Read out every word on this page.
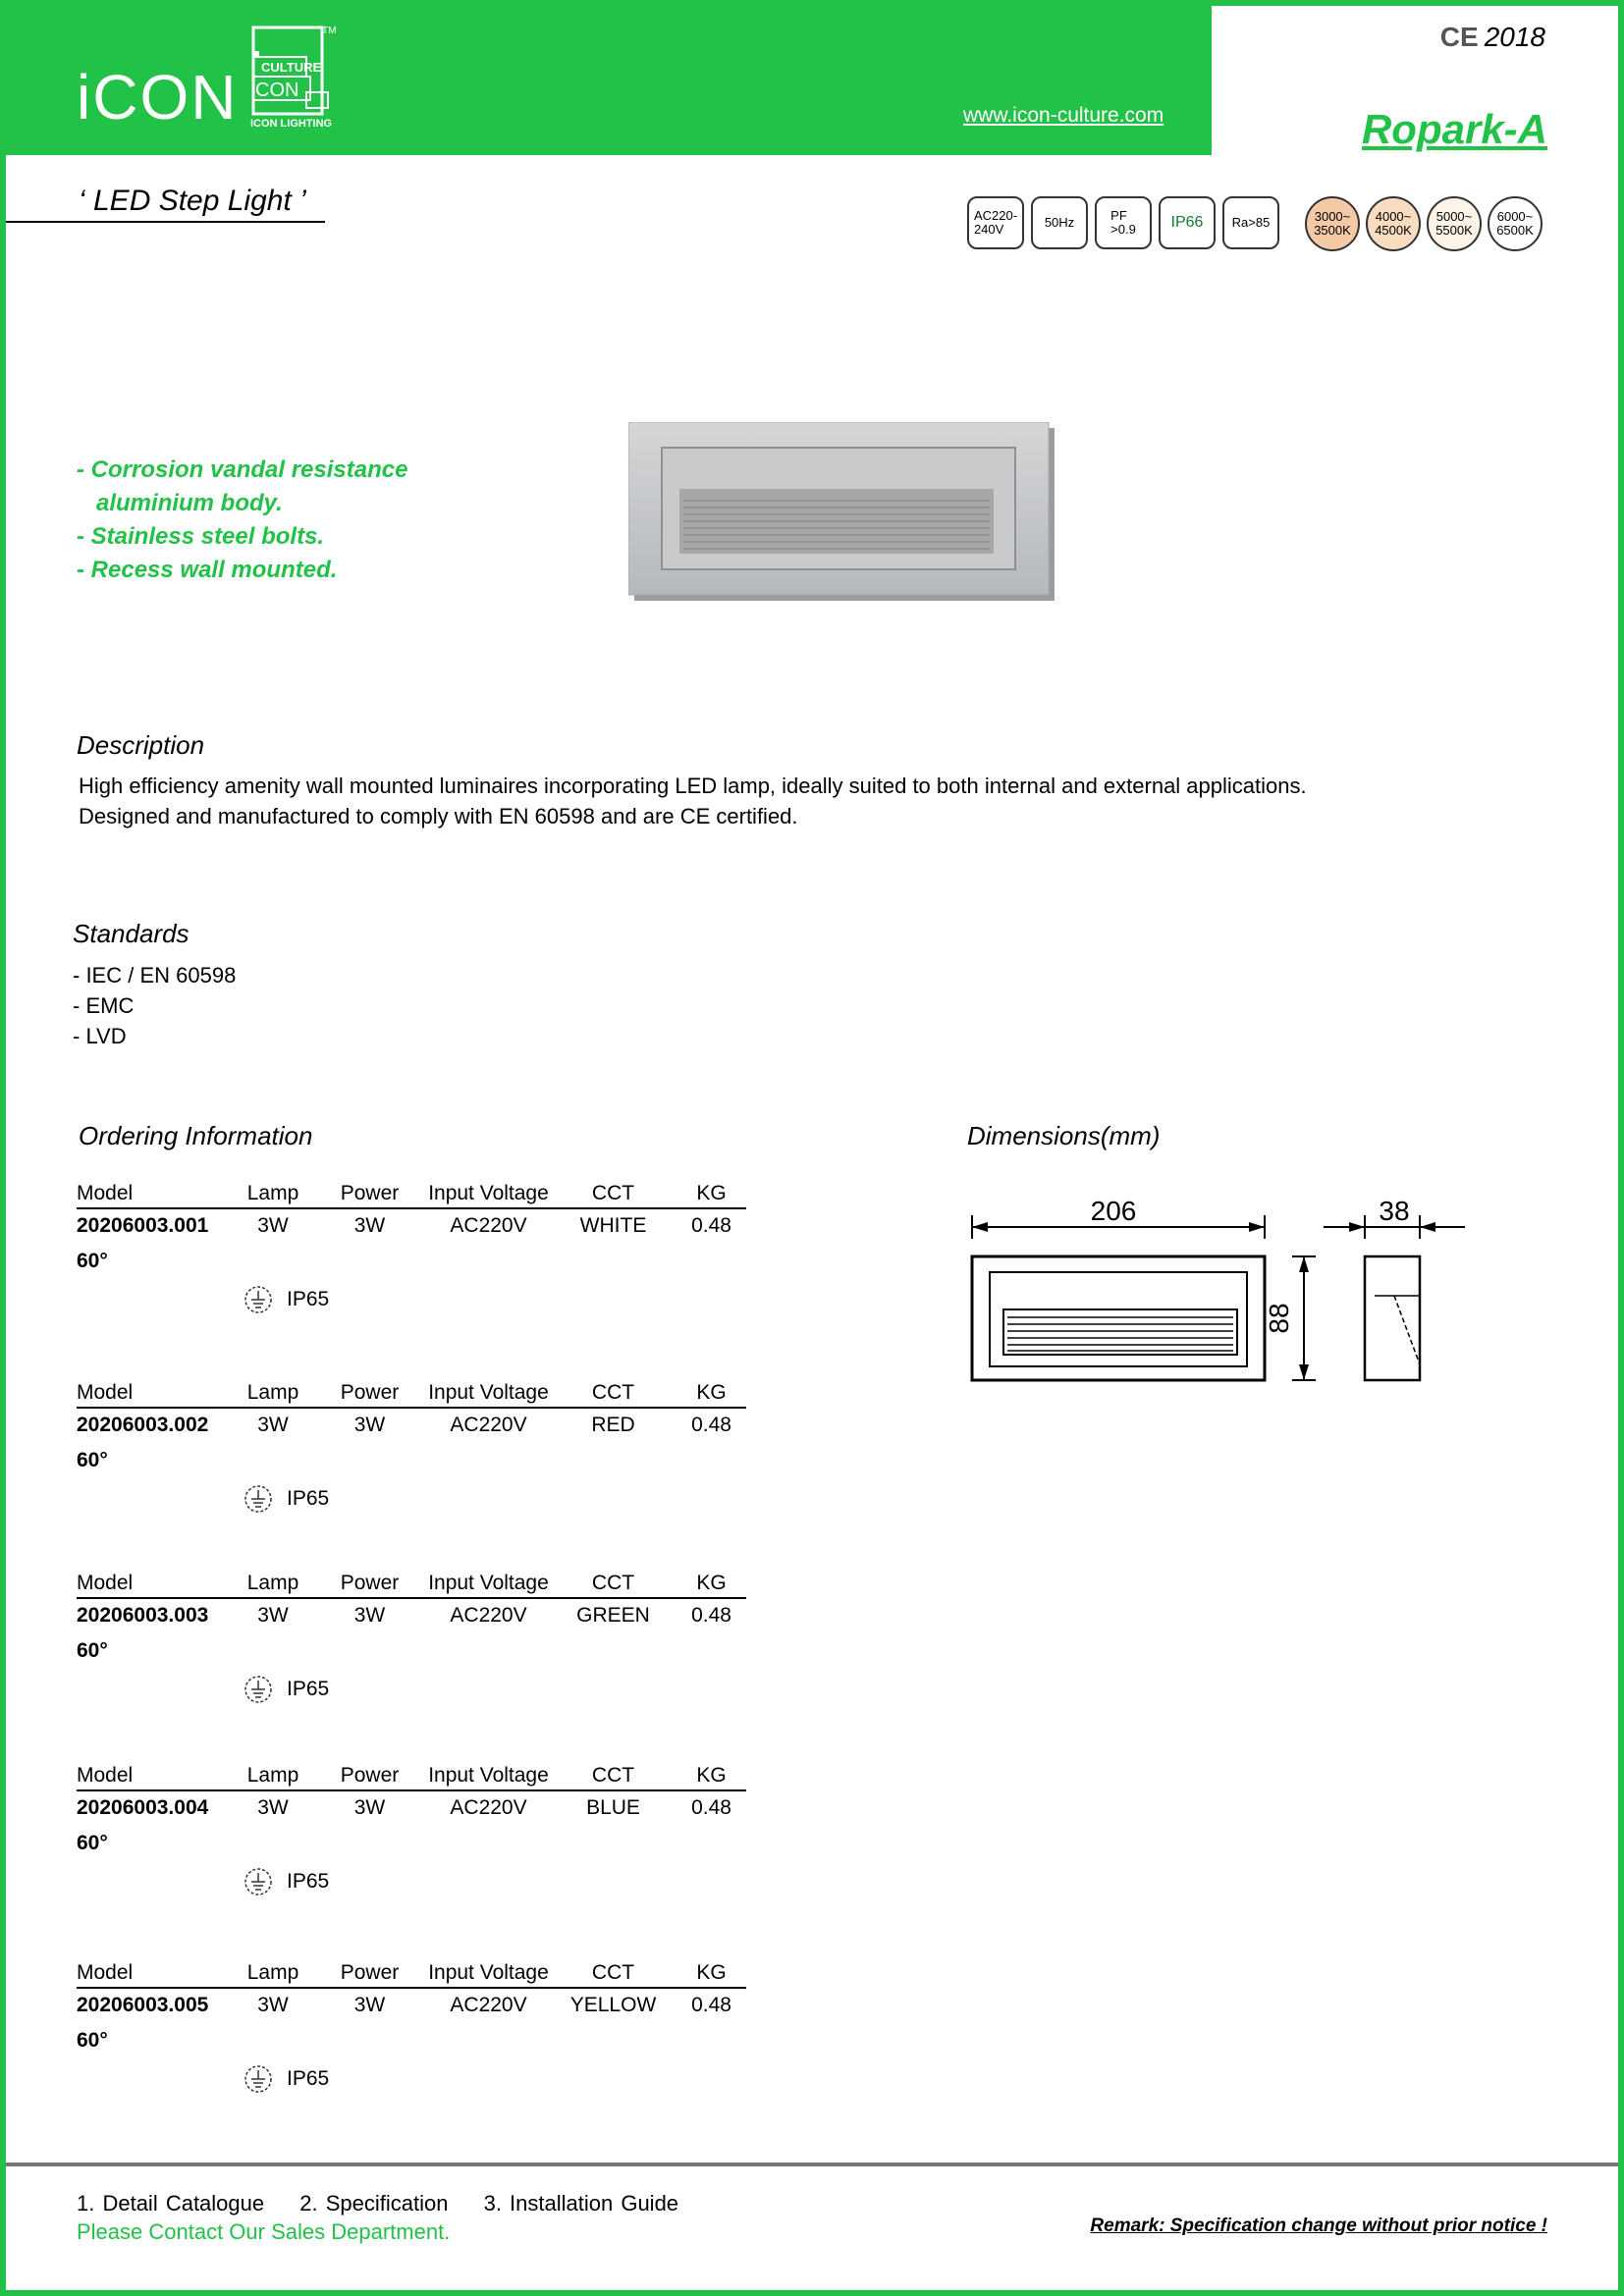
iCON CULTURE
CON
TM
ICON LIGHTING	www.icon-culture.com
CE 2018
Ropark-A
‘ LED Step Light ’	AC220-
240V	50Hz	PF
>0.9	IP66	Ra>85	3000~
3500K
4000~
4500K
5000~
5500K
6000~
6500K
- Corrosion vandal resistance
aluminium body.
- Stainless steel bolts.
- Recess wall mounted.
Description
High efficiency amenity wall mounted luminaires incorporating LED lamp, ideally suited to both internal and external applications.
Designed and manufactured to comply with EN 60598 and are CE certified.
Standards
- IEC / EN 60598
- EMC
- LVD
Ordering Information
Model	Lamp	Power	Input Voltage	CCT	KG
20206003.001	3W	3W	AC220V	WHITE	0.48
60°
IP65
Model	Lamp	Power	Input Voltage	CCT	KG
20206003.002	3W	3W	AC220V	RED	0.48
60°
IP65
Model	Lamp	Power	Input Voltage	CCT	KG
20206003.003	3W	3W	AC220V	GREEN	0.48
60°
IP65
Model	Lamp	Power	Input Voltage	CCT	KG
20206003.004	3W	3W	AC220V	BLUE	0.48
60°
IP65
Model	Lamp	Power	Input Voltage	CCT	KG
20206003.005	3W	3W	AC220V	YELLOW	0.48
60°
IP65
Dimensions(mm)
206
88
38
1. Detail Catalogue 2. Specification 3. Installation Guide
Please Contact Our Sales Department.	Remark: Specification change without prior notice !
